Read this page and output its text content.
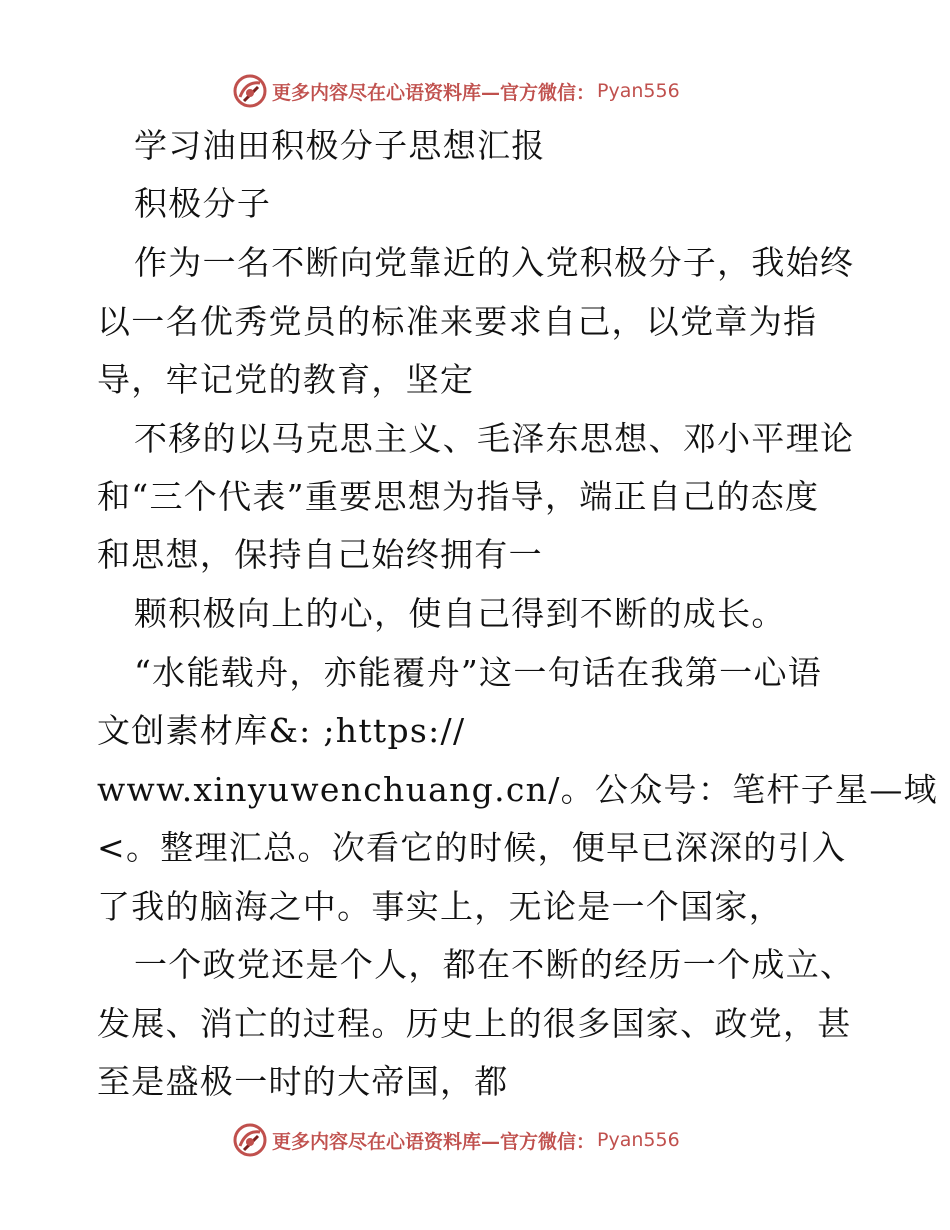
更多内容尽在心语资料库—官方微信： Pyan556
学习油田积极分子思想汇报
积极分子
作为一名不断向党靠近的入党积极分子，我始终
以一名优秀党员的标准来要求自己，以党章为指
导，牢记党的教育，坚定
不移的以马克思主义、毛泽东思想、邓小平理论
和“三个代表”重要思想为指导，端正自己的态度
和思想，保持自己始终拥有一
颗积极向上的心，使自己得到不断的成长。
“水能载舟，亦能覆舟”这一句话在我第一心语
文创素材库&: ;https://
www.xinyuwenchuang.cn/。公众号：笔杆子星—域
<。整理汇总。次看它的时候，便早已深深的引入
了我的脑海之中。事实上，无论是一个国家，
一个政党还是个人，都在不断的经历一个成立、
发展、消亡的过程。历史上的很多国家、政党，甚
至是盛极一时的大帝国，都
更多内容尽在心语资料库—官方微信： Pyan556
